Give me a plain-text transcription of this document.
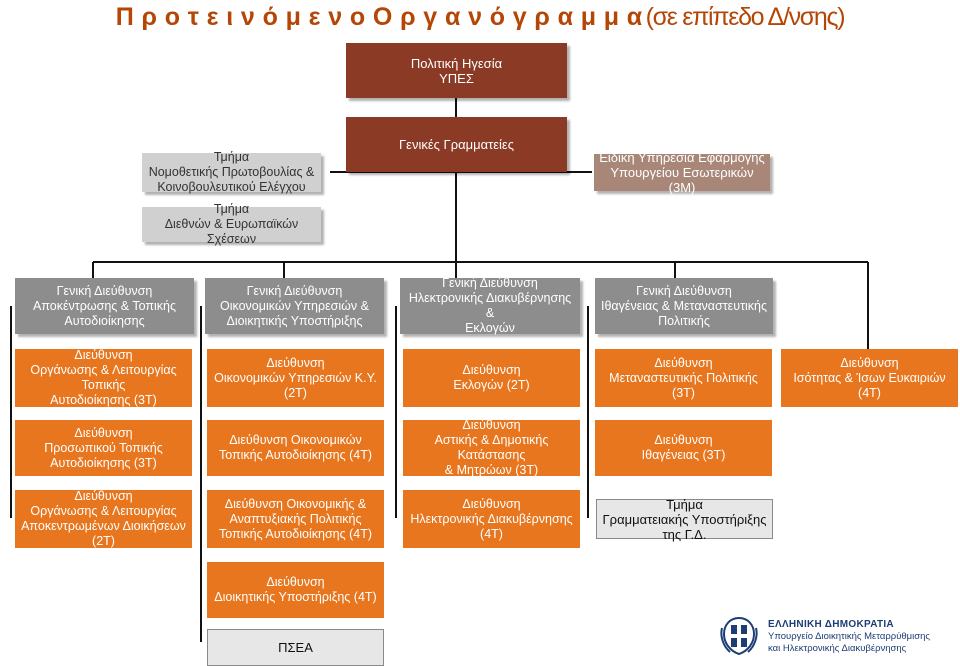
Π ρ ο τ ε ι ν ό μ ε ν ο Ο ρ γ α ν ό γ ρ α μ μ α (σε επίπεδο Δ/νσης)
Πολιτική Ηγεσία
ΥΠΕΣ
Γενικές Γραμματείες
Τμήμα
Νομοθετικής Πρωτοβουλίας &
Κοινοβουλευτικού Ελέγχου
Τμήμα
Διεθνών & Ευρωπαϊκών Σχέσεων
Ειδική Υπηρεσία Εφαρμογής
Υπουργείου Εσωτερικών (3Μ)
Γενική Διεύθυνση
Αποκέντρωσης & Τοπικής
Αυτοδιοίκησης
Γενική Διεύθυνση
Οικονομικών Υπηρεσιών &
Διοικητικής Υποστήριξης
Γενική Διεύθυνση
Ηλεκτρονικής Διακυβέρνησης &
Εκλογών
Γενική Διεύθυνση
Ιθαγένειας & Μεταναστευτικής
Πολιτικής
Διεύθυνση
Οργάνωσης & Λειτουργίας Τοπικής
Αυτοδιοίκησης (3Τ)
Διεύθυνση
Προσωπικού Τοπικής
Αυτοδιοίκησης (3Τ)
Διεύθυνση
Οργάνωσης & Λειτουργίας
Αποκεντρωμένων Διοικήσεων (2Τ)
Διεύθυνση
Οικονομικών Υπηρεσιών Κ.Υ. (2Τ)
Διεύθυνση Οικονομικών
Τοπικής Αυτοδιοίκησης (4Τ)
Διεύθυνση Οικονομικής &
Αναπτυξιακής Πολιτικής
Τοπικής Αυτοδιοίκησης (4Τ)
Διεύθυνση
Διοικητικής Υποστήριξης (4Τ)
ΠΣΕΑ
Διεύθυνση
Εκλογών (2Τ)
Διεύθυνση
Αστικής & Δημοτικής Κατάστασης
& Μητρώων (3Τ)
Διεύθυνση
Ηλεκτρονικής Διακυβέρνησης (4Τ)
Διεύθυνση
Μεταναστευτικής Πολιτικής (3Τ)
Διεύθυνση
Ιθαγένειας (3Τ)
Τμήμα
Γραμματειακής Υποστήριξης της Γ.Δ.
Διεύθυνση
Ισότητας & Ίσων Ευκαιριών (4Τ)
ΕΛΛΗΝΙΚΗ ΔΗΜΟΚΡΑΤΙΑ
Υπουργείο Διοικητικής Μεταρρύθμισης
και Ηλεκτρονικής Διακυβέρνησης
